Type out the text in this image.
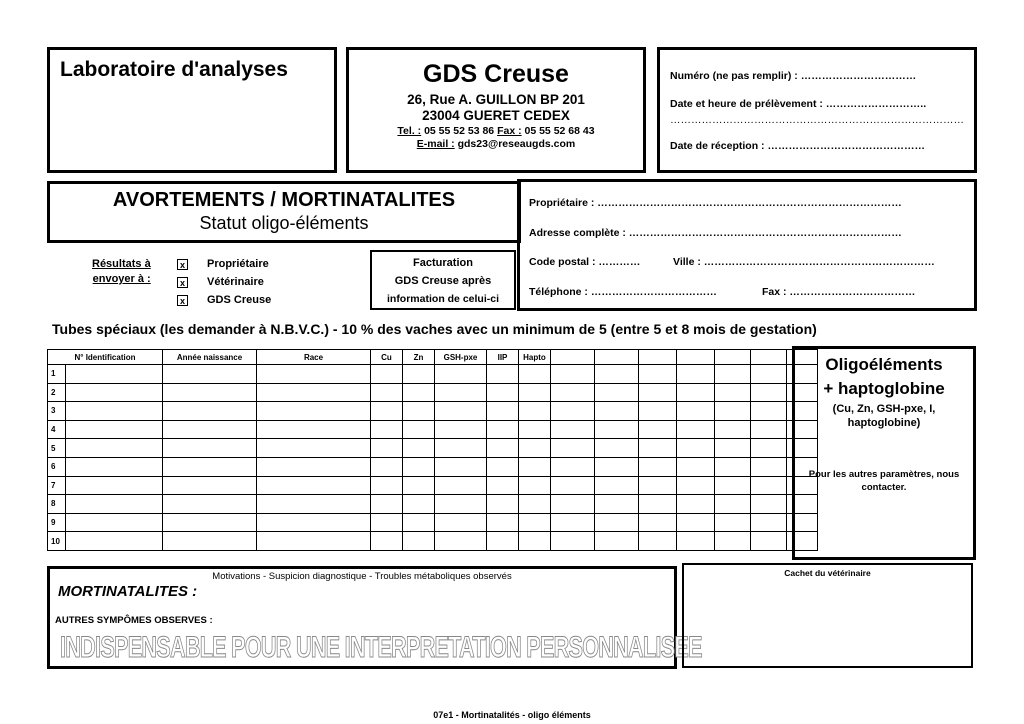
Laboratoire d'analyses	GDS Creuse
26, Rue A. GUILLON BP 201
23004 GUERET CEDEX
Tel. : 05 55 52 53 86 Fax : 05 55 52 68 43
E-mail : gds23@reseaugds.com
Numéro (ne pas remplir) : ……………………………
Date et heure de prélèvement : ………………………..
…………………………………………………………………………
Date de réception : ………………………………………
AVORTEMENTS / MORTINATALITES
Statut oligo-éléments
Propriétaire : ……………………………………………………………………………
Adresse complète : ……………………………………………………………………
Code postal : …………	Ville : …………………………………………………………
Téléphone : ………………………………	Fax : ………………………………
Résultats à
envoyer à :
x Propriétaire
x Vétérinaire
x GDS Creuse
Facturation
GDS Creuse après
information de celui-ci
Tubes spéciaux (les demander à N.B.V.C.) - 10 % des vaches avec un minimum de 5 (entre 5 et 8 mois de gestation)
N° Identification		Année naissance	Race	Cu	Zn	GSH-pxe	IIP	Hapto							
1															
2															
3															
4															
5															
6															
7															
8															
9															
10															
Oligoéléments
+ haptoglobine
(Cu, Zn, GSH-pxe, I,
haptoglobine)
Pour les autres paramètres, nous
contacter.
Motivations - Suspicion diagnostique - Troubles métaboliques observés
MORTINATALITES :
AUTRES SYMPÔMES OBSERVES :
INDISPENSABLE POUR UNE INTERPRETATION PERSONNALISEE
Cachet du vétérinaire
07e1 - Mortinatalités - oligo éléments
